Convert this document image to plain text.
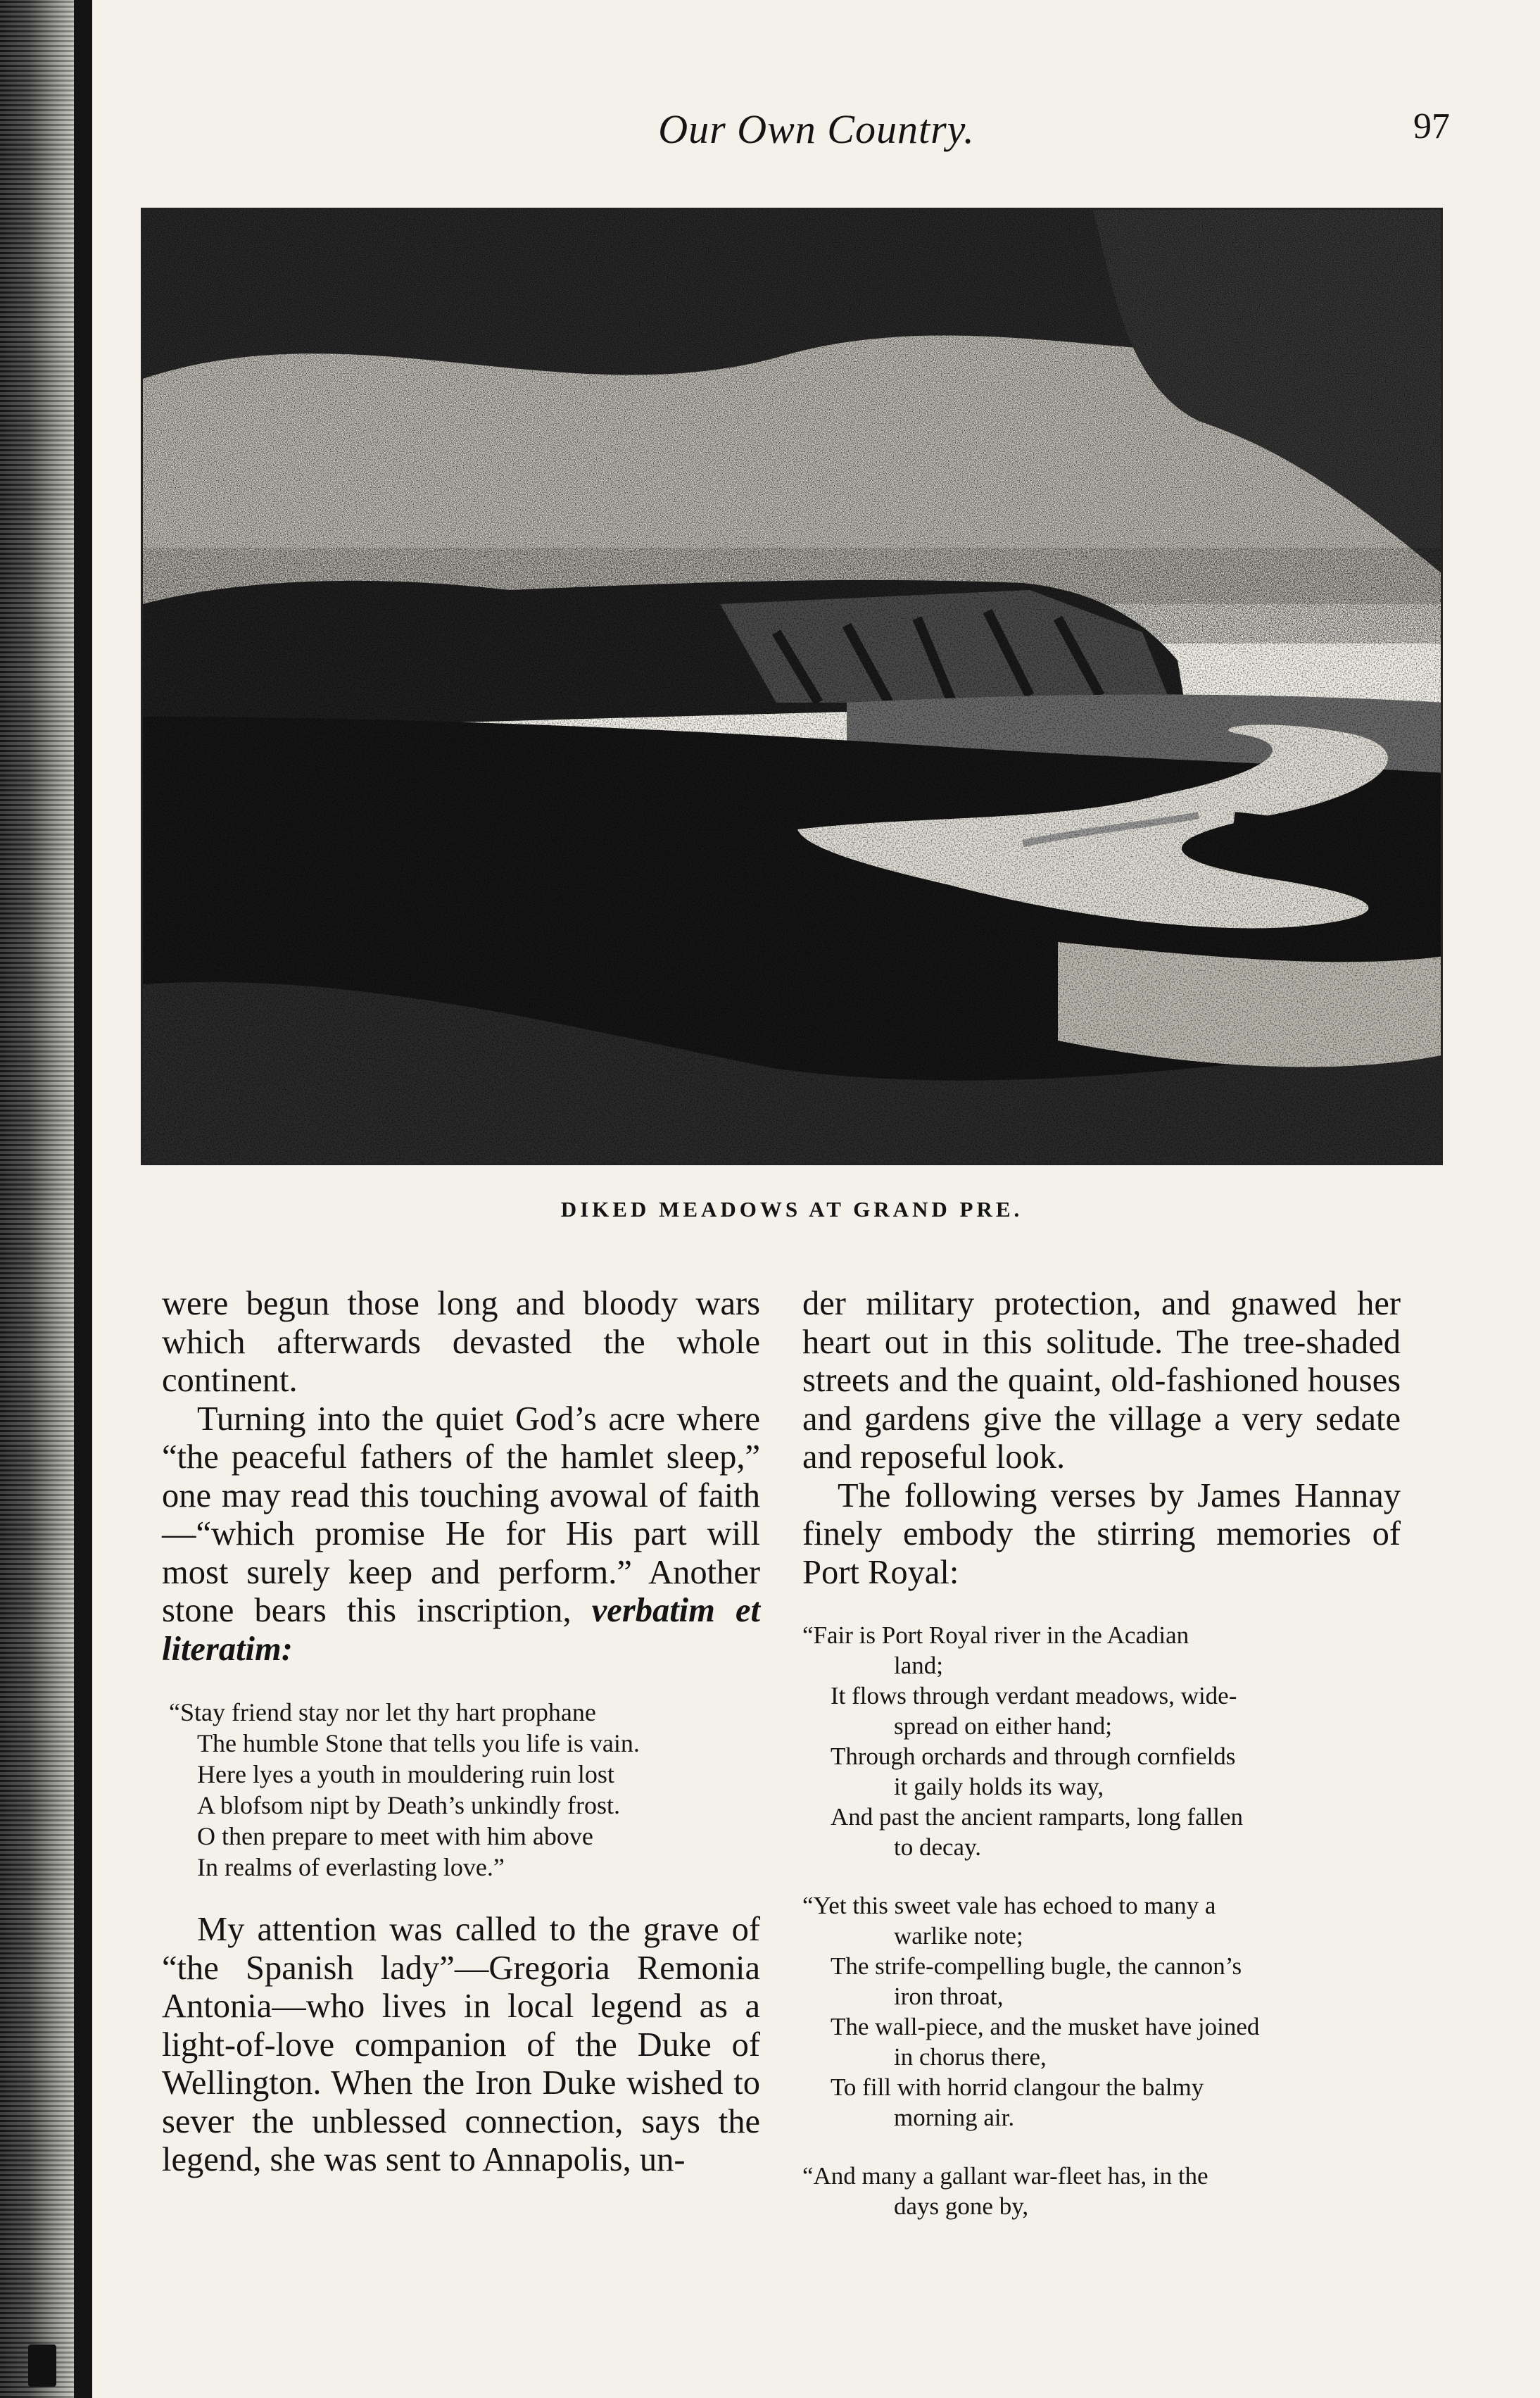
Our Own Country.	97
DIKED MEADOWS AT GRAND PRE.

were begun those long and bloody wars which afterwards devasted the whole continent.

Turning into the quiet God’s acre where “the peaceful fathers of the hamlet sleep,” one may read this touching avowal of faith—“which promise He for His part will most surely keep and perform.” Another stone bears this inscription, verbatim et literatim:

“Stay friend stay nor let thy hart prophane
The humble Stone that tells you life is vain.
Here lyes a youth in mouldering ruin lost
A blofsom nipt by Death’s unkindly frost.
O then prepare to meet with him above
In realms of everlasting love.”

My attention was called to the grave of “the Spanish lady”—Gregoria Remonia Antonia—who lives in local legend as a light-of-love companion of the Duke of Wellington. When the Iron Duke wished to sever the unblessed connection, says the legend, she was sent to Annapolis, un-

der military protection, and gnawed her heart out in this solitude. The tree-shaded streets and the quaint, old-fashioned houses and gardens give the village a very sedate and reposeful look.

The following verses by James Hannay finely embody the stirring memories of Port Royal:

“Fair is Port Royal river in the Acadian
land;
It flows through verdant meadows, wide-
spread on either hand;
Through orchards and through cornfields
it gaily holds its way,
And past the ancient ramparts, long fallen
to decay.
“Yet this sweet vale has echoed to many a
warlike note;
The strife-compelling bugle, the cannon’s
iron throat,
The wall-piece, and the musket have joined
in chorus there,
To fill with horrid clangour the balmy
morning air.
“And many a gallant war-fleet has, in the
days gone by,
